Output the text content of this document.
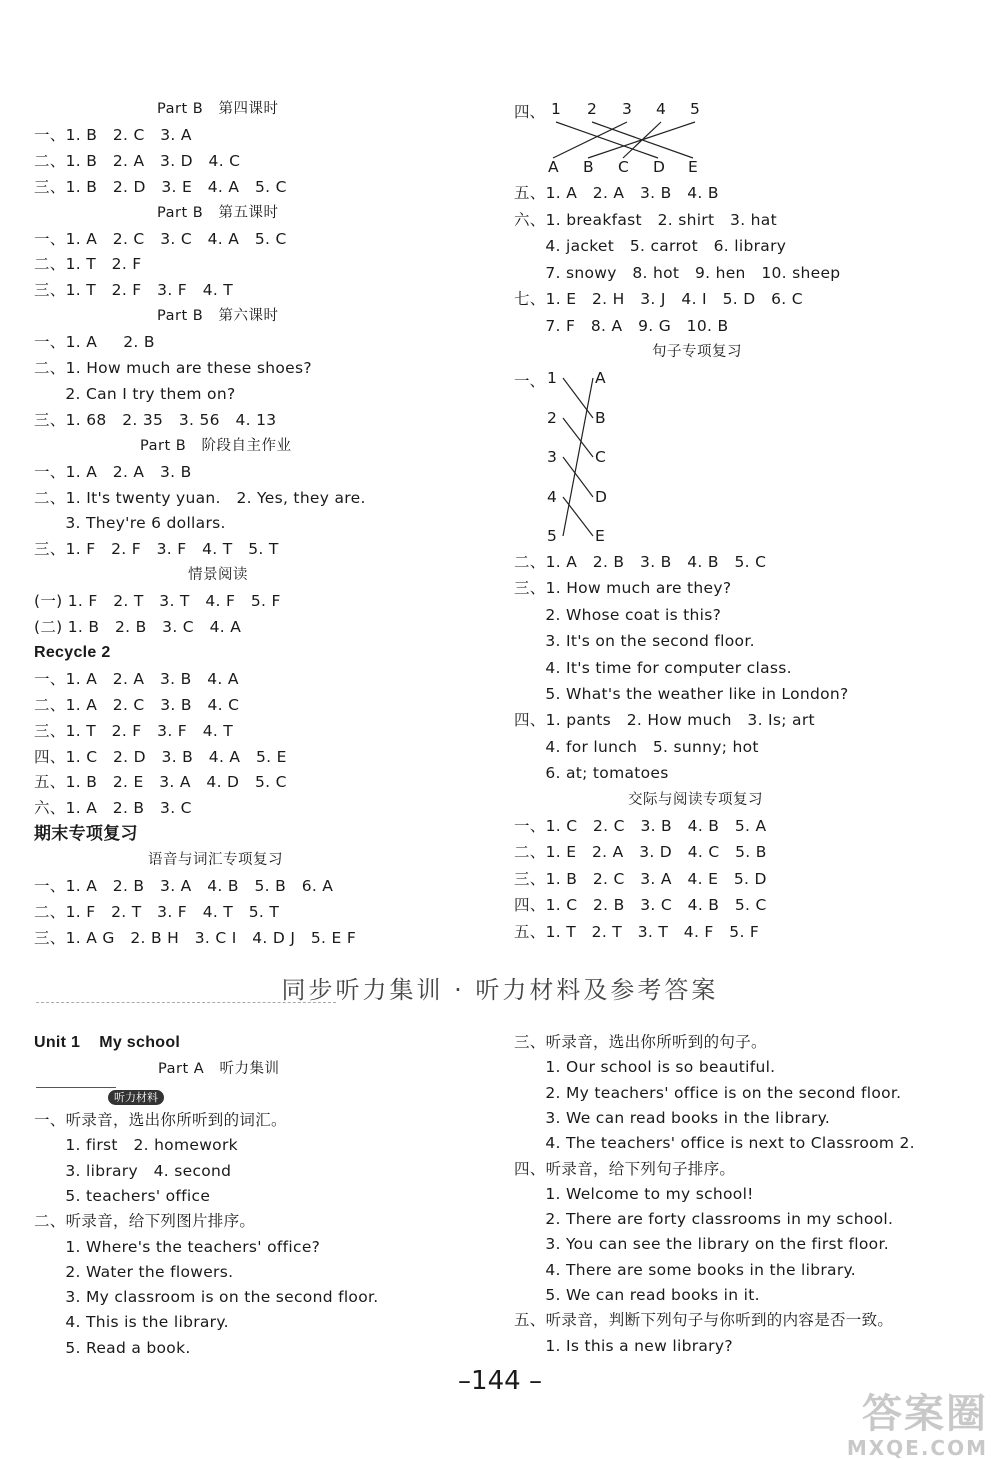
Part B   第四课时
一、1. B   2. C   3. A
二、1. B   2. A   3. D   4. C
三、1. B   2. D   3. E   4. A   5. C
Part B   第五课时
一、1. A   2. C   3. C   4. A   5. C
二、1. T   2. F
三、1. T   2. F   3. F   4. T
Part B   第六课时
一、1. A     2. B
二、1. How much are these shoes?
2. Can I try them on?
三、1. 68   2. 35   3. 56   4. 13
Part B   阶段自主作业
一、1. A   2. A   3. B
二、1. It's twenty yuan.   2. Yes, they are.
3. They're 6 dollars.
三、1. F   2. F   3. F   4. T   5. T
情景阅读
(一) 1. F   2. T   3. T   4. F   5. F
(二) 1. B   2. B   3. C   4. A
Recycle 2
一、1. A   2. A   3. B   4. A
二、1. A   2. C   3. B   4. C
三、1. T   2. F   3. F   4. T
四、1. C   2. D   3. B   4. A   5. E
五、1. B   2. E   3. A   4. D   5. C
六、1. A   2. B   3. C
期末专项复习
语音与词汇专项复习
一、1. A   2. B   3. A   4. B   5. B   6. A
二、1. F   2. T   3. F   4. T   5. T
三、1. A G   2. B H   3. C I   4. D J   5. E F
四、 1 2 3 4 5
A B C D E
五、1. A   2. A   3. B   4. B
六、1. breakfast   2. shirt   3. hat
4. jacket   5. carrot   6. library
7. snowy   8. hot   9. hen   10. sheep
七、1. E   2. H   3. J   4. I   5. D   6. C
7. F   8. A   9. G   10. B
句子专项复习
一、 1
2
3
4
5
A
B
C
D
E
二、1. A   2. B   3. B   4. B   5. C
三、1. How much are they?
2. Whose coat is this?
3. It's on the second floor.
4. It's time for computer class.
5. What's the weather like in London?
四、1. pants   2. How much   3. Is; art
4. for lunch   5. sunny; hot
6. at; tomatoes
交际与阅读专项复习
一、1. C   2. C   3. B   4. B   5. A
二、1. E   2. A   3. D   4. C   5. B
三、1. B   2. C   3. A   4. E   5. D
四、1. C   2. B   3. C   4. B   5. C
五、1. T   2. T   3. T   4. F   5. F
同步听力集训 · 听力材料及参考答案
Unit 1    My school
Part A   听力集训
听力材料
一、听录音，选出你所听到的词汇。
1. first   2. homework
3. library   4. second
5. teachers' office
二、听录音，给下列图片排序。
1. Where's the teachers' office?
2. Water the flowers.
3. My classroom is on the second floor.
4. This is the library.
5. Read a book.
三、听录音，选出你所听到的句子。
1. Our school is so beautiful.
2. My teachers' office is on the second floor.
3. We can read books in the library.
4. The teachers' office is next to Classroom 2.
四、听录音，给下列句子排序。
1. Welcome to my school!
2. There are forty classrooms in my school.
3. You can see the library on the first floor.
4. There are some books in the library.
5. We can read books in it.
五、听录音，判断下列句子与你听到的内容是否一致。
1. Is this a new library?
–144 –
答案圈
MXQE.COM
